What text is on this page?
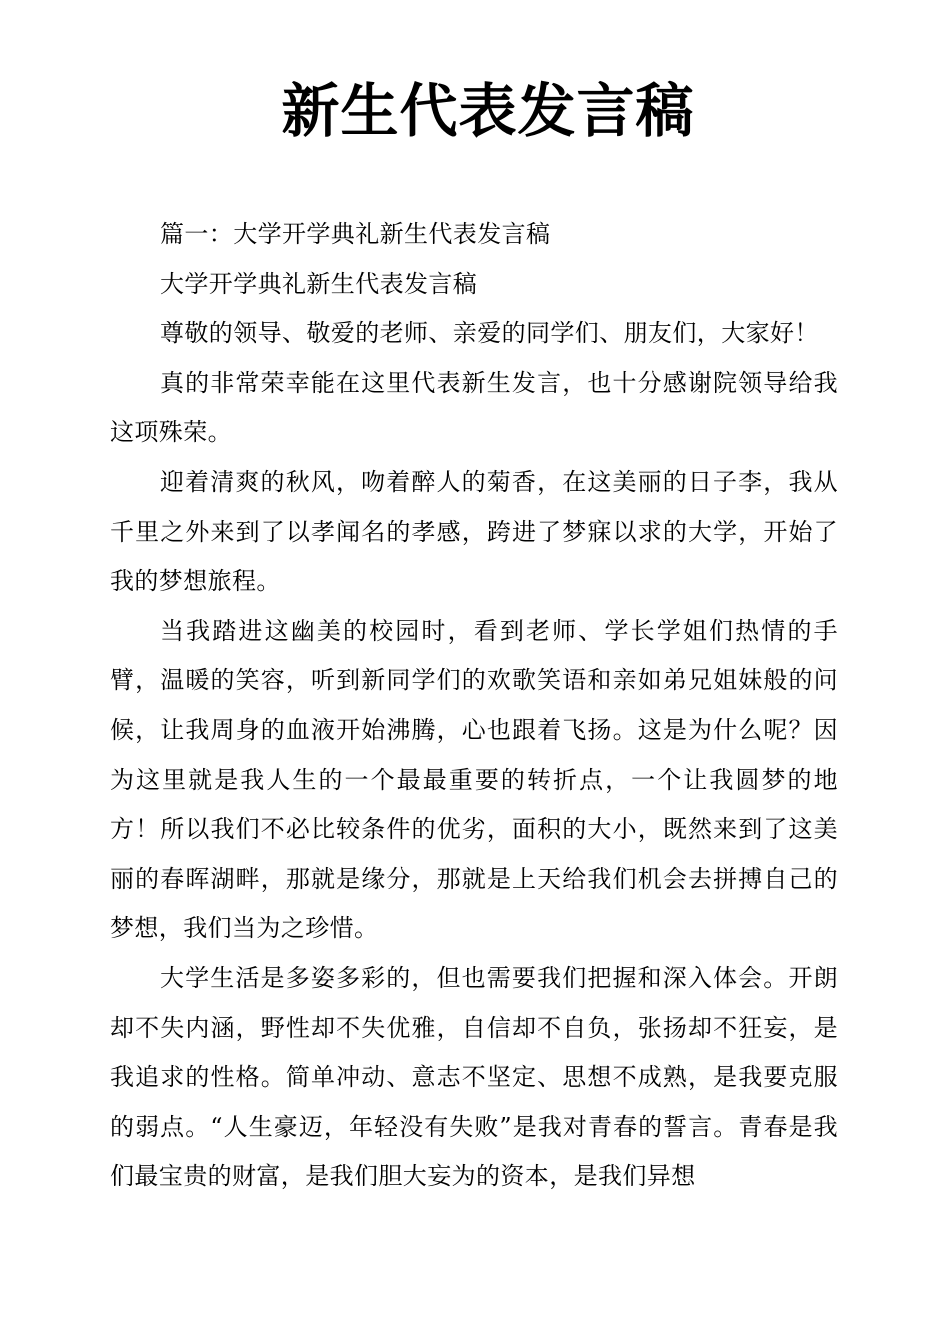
新生代表发言稿

篇一：大学开学典礼新生代表发言稿

大学开学典礼新生代表发言稿

尊敬的领导、敬爱的老师、亲爱的同学们、朋友们，大家好！

真的非常荣幸能在这里代表新生发言，也十分感谢院领导给我这项殊荣。

迎着清爽的秋风，吻着醉人的菊香，在这美丽的日子李，我从千里之外来到了以孝闻名的孝感，跨进了梦寐以求的大学，开始了我的梦想旅程。

当我踏进这幽美的校园时，看到老师、学长学姐们热情的手臂，温暖的笑容，听到新同学们的欢歌笑语和亲如弟兄姐妹般的问候，让我周身的血液开始沸腾，心也跟着飞扬。这是为什么呢？因为这里就是我人生的一个最最重要的转折点，一个让我圆梦的地方！所以我们不必比较条件的优劣，面积的大小，既然来到了这美丽的春晖湖畔，那就是缘分，那就是上天给我们机会去拼搏自己的梦想，我们当为之珍惜。

大学生活是多姿多彩的，但也需要我们把握和深入体会。开朗却不失内涵，野性却不失优雅，自信却不自负，张扬却不狂妄，是我追求的性格。简单冲动、意志不坚定、思想不成熟，是我要克服的弱点。“人生豪迈，年轻没有失败”是我对青春的誓言。青春是我们最宝贵的财富，是我们胆大妄为的资本，是我们异想
